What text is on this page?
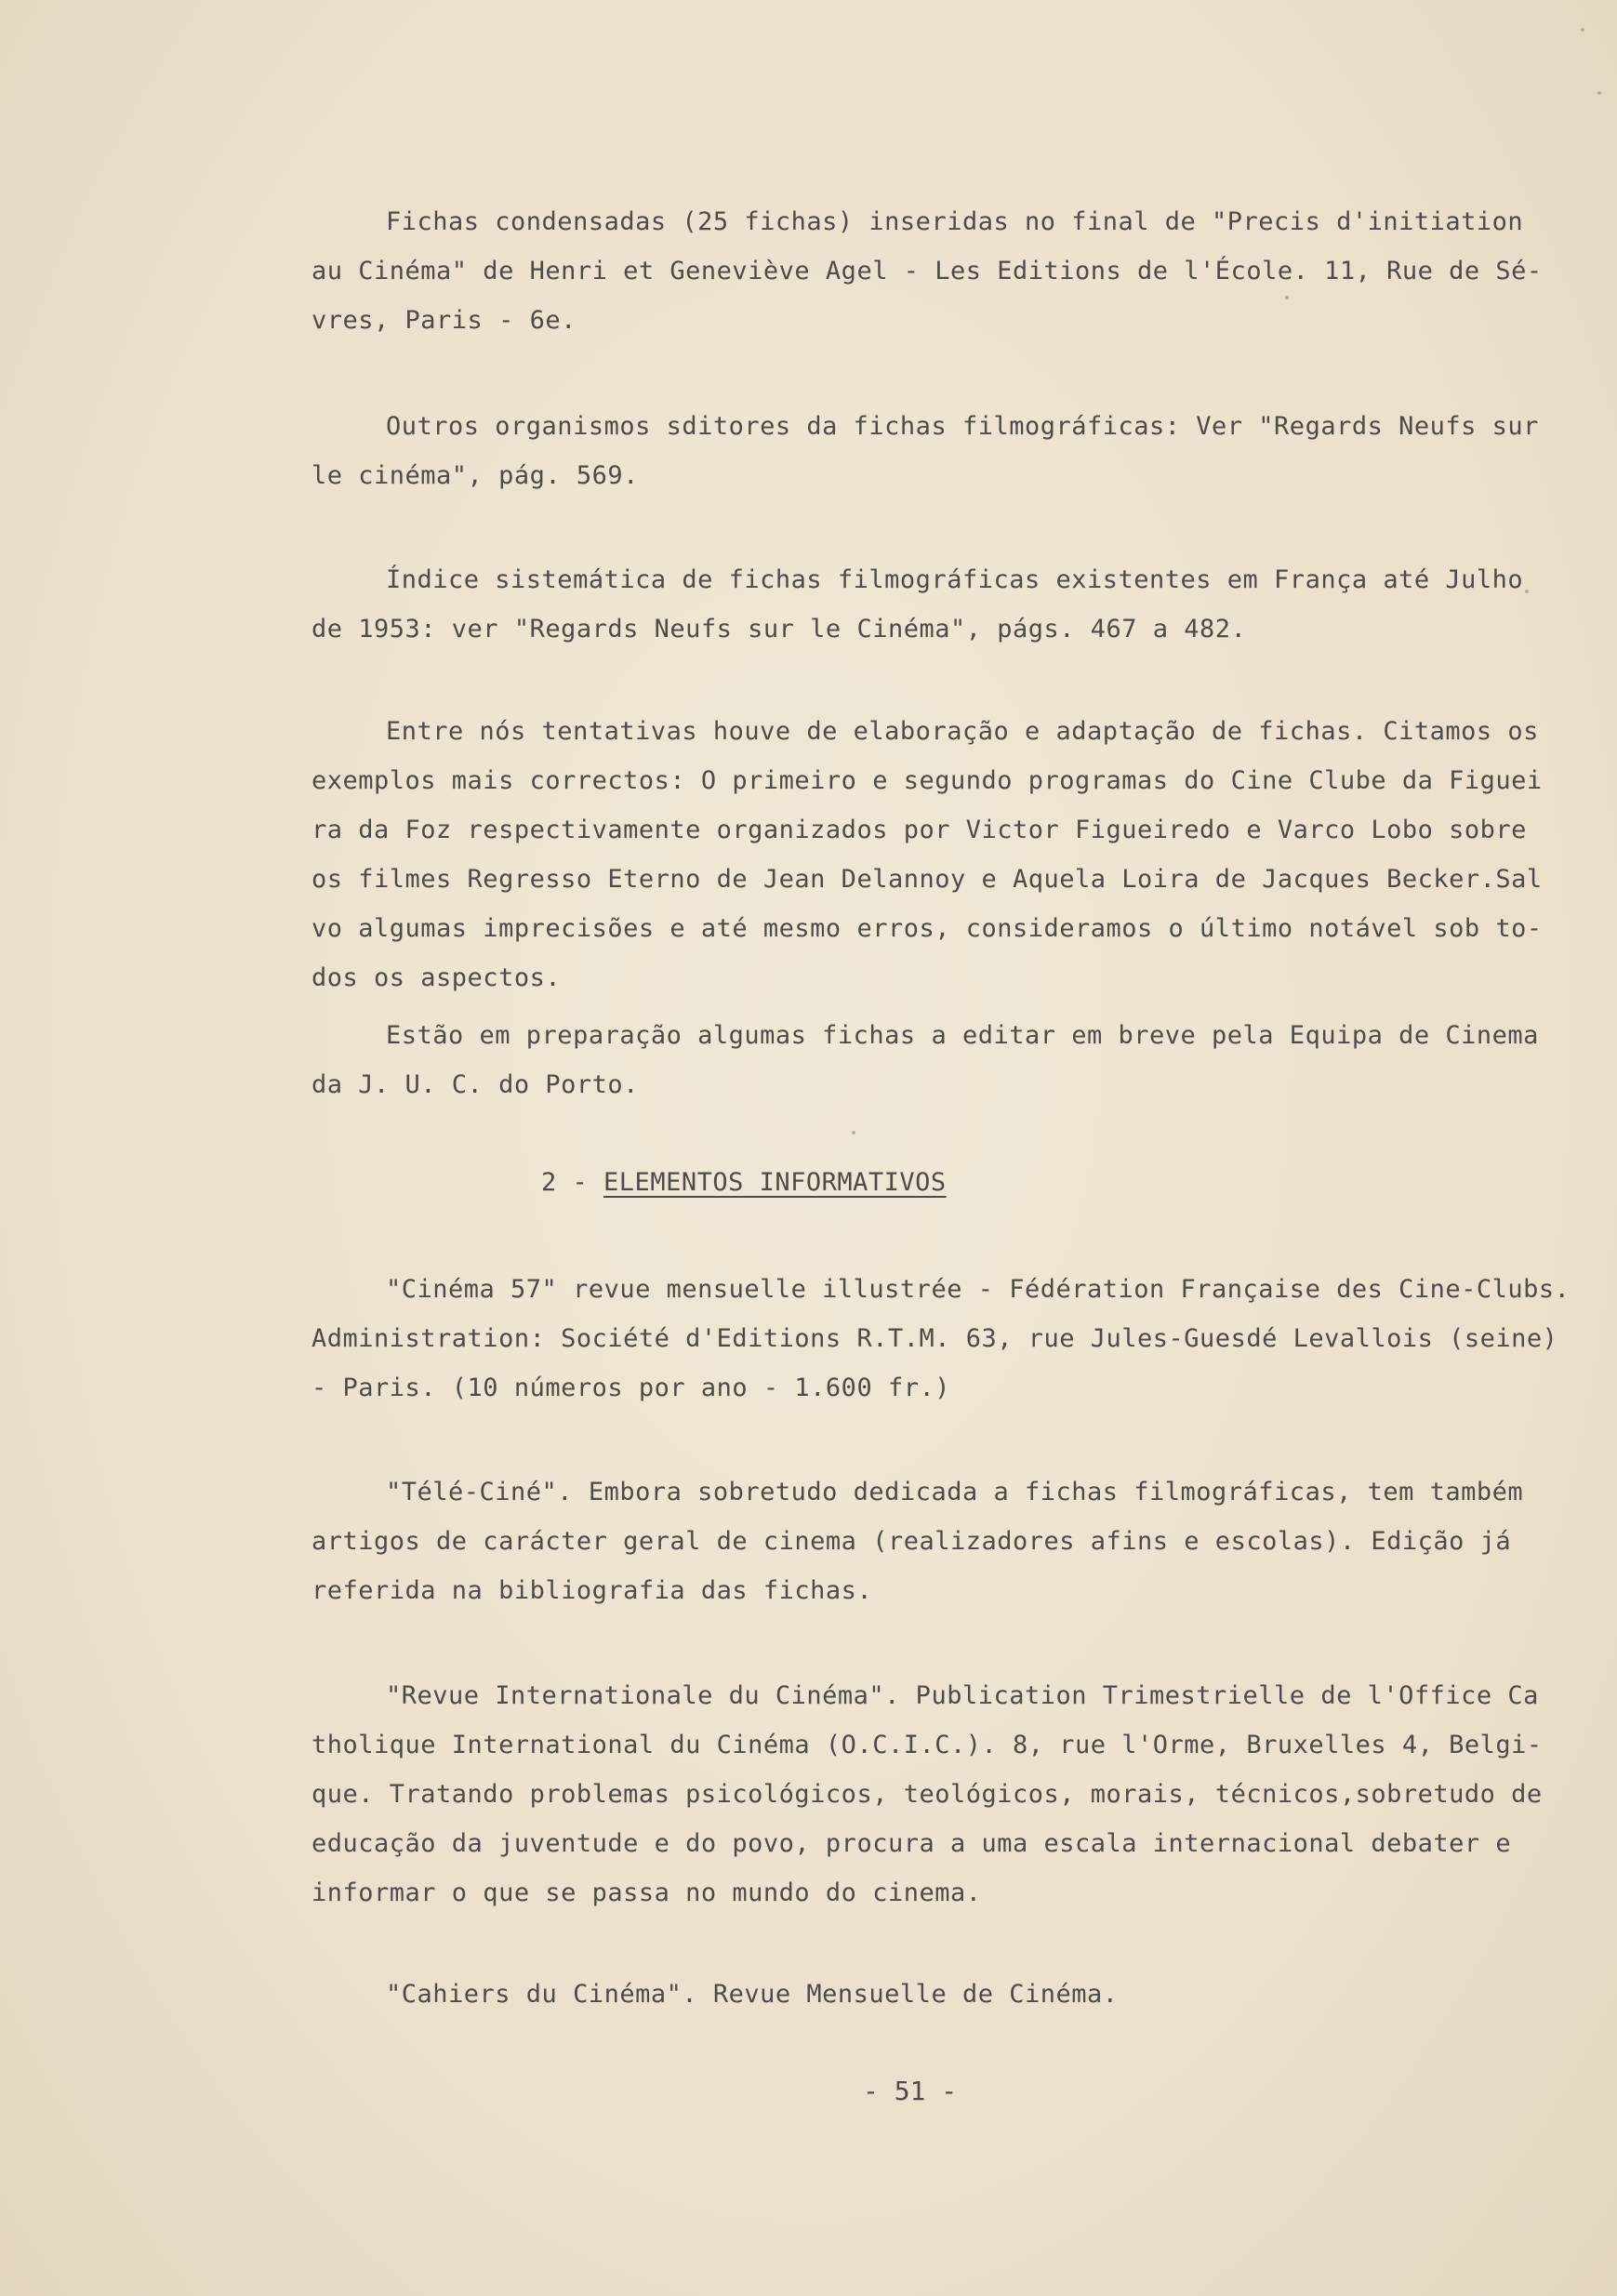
Fichas condensadas (25 fichas) inseridas no final de "Precis d'initiation
au Cinéma" de Henri et Geneviève Agel - Les Editions de l'École. 11, Rue de Sé-
vres, Paris - 6e.
Outros organismos sditores da fichas filmográficas: Ver "Regards Neufs sur
le cinéma", pág. 569.
Índice sistemática de fichas filmográficas existentes em França até Julho
de 1953: ver "Regards Neufs sur le Cinéma", págs. 467 a 482.
Entre nós tentativas houve de elaboração e adaptação de fichas. Citamos os
exemplos mais correctos: O primeiro e segundo programas do Cine Clube da Figuei
ra da Foz respectivamente organizados por Victor Figueiredo e Varco Lobo sobre
os filmes Regresso Eterno de Jean Delannoy e Aquela Loira de Jacques Becker.Sal
vo algumas imprecisões e até mesmo erros, consideramos o último notável sob to-
dos os aspectos.
Estão em preparação algumas fichas a editar em breve pela Equipa de Cinema
da J. U. C. do Porto.
2 - ELEMENTOS INFORMATIVOS
"Cinéma 57" revue mensuelle illustrée - Fédération Française des Cine-Clubs.
Administration: Société d'Editions R.T.M. 63, rue Jules-Guesdé Levallois (seine)
- Paris. (10 números por ano - 1.600 fr.)
"Télé-Ciné". Embora sobretudo dedicada a fichas filmográficas, tem também
artigos de carácter geral de cinema (realizadores afins e escolas). Edição já
referida na bibliografia das fichas.
"Revue Internationale du Cinéma". Publication Trimestrielle de l'Office Ca
tholique International du Cinéma (O.C.I.C.). 8, rue l'Orme, Bruxelles 4, Belgi-
que. Tratando problemas psicológicos, teológicos, morais, técnicos,sobretudo de
educação da juventude e do povo, procura a uma escala internacional debater e
informar o que se passa no mundo do cinema.
"Cahiers du Cinéma". Revue Mensuelle de Cinéma.
- 51 -
